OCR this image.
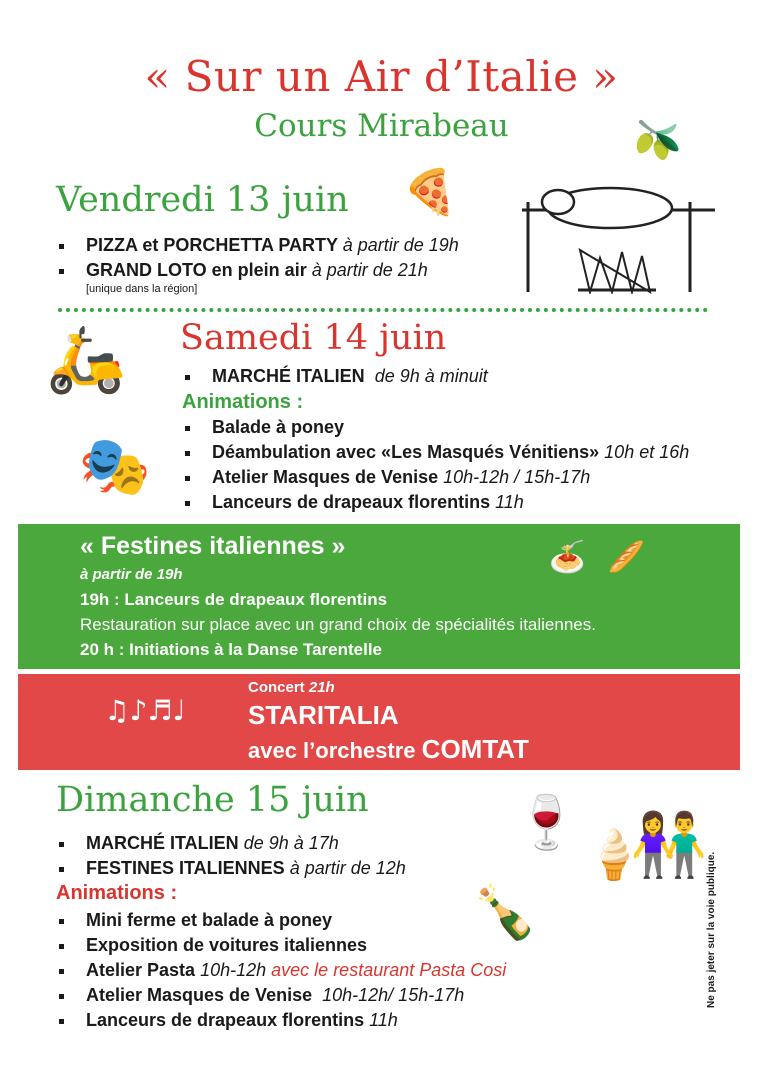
« Sur un Air d’Italie »
Cours Mirabeau	🫒
🍕
Vendredi 13 juin
PIZZA et PORCHETTA PARTY à partir de 19h
GRAND LOTO en plein air à partir de 21h
[unique dans la région]
🛵
🎭
Samedi 14 juin
MARCHÉ ITALIEN de 9h à minuit
Animations :
Balade à poney
Déambulation avec «Les Masqués Vénitiens» 10h et 16h
Atelier Masques de Venise 10h-12h / 15h-17h
Lanceurs de drapeaux florentins 11h
« Festines italiennes »
à partir de 19h
19h : Lanceurs de drapeaux florentins
Restauration sur place avec un grand choix de spécialités italiennes.
20 h : Initiations à la Danse Tarentelle
🍝 🥖
♫♪♬♩
Concert 21h
STARITALIA
avec l’orchestre COMTAT
Dimanche 15 juin
MARCHÉ ITALIEN de 9h à 17h
FESTINES ITALIENNES à partir de 12h
Animations :
Mini ferme et balade à poney
Exposition de voitures italiennes
Atelier Pasta 10h-12h avec le restaurant Pasta Cosi
Atelier Masques de Venise 10h-12h/ 15h-17h
Lanceurs de drapeaux florentins 11h
🍷
🍦
👫
🍾	Ne pas jeter sur la voie publique.
